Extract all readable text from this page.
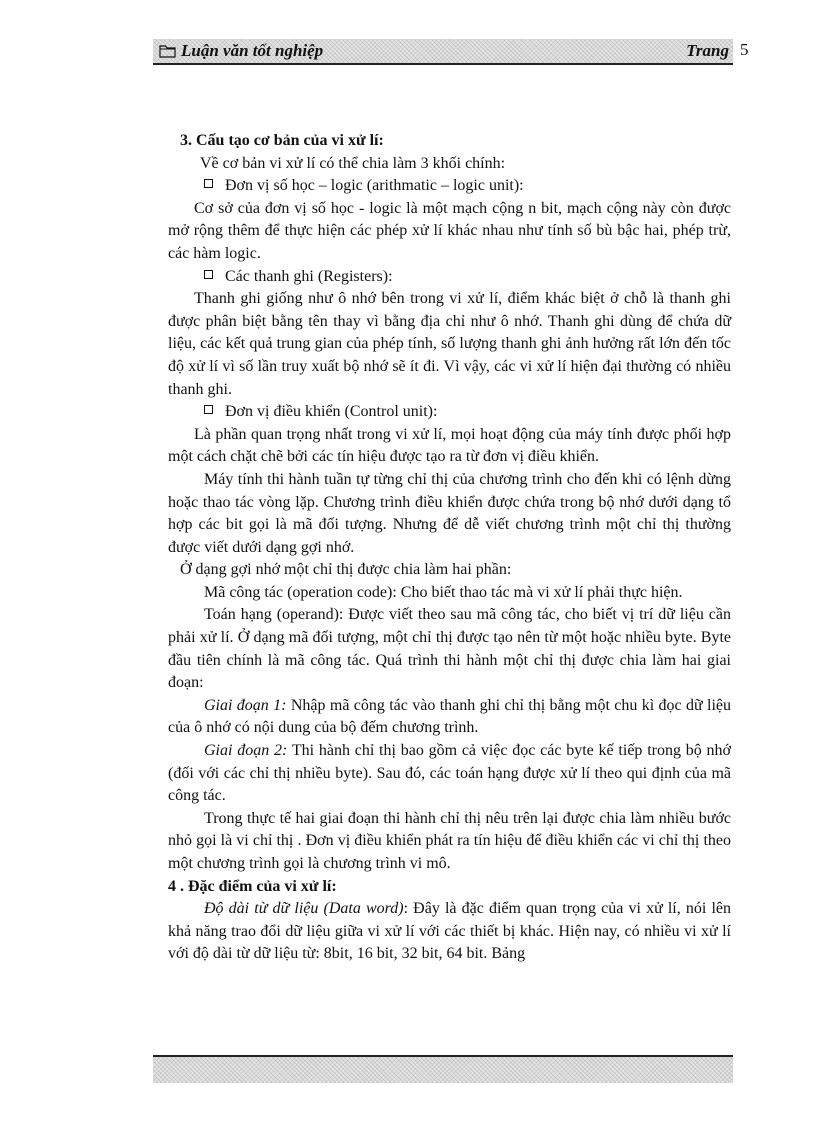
Luận văn tốt nghiệp	Trang 5

3. Cấu tạo cơ bản của vi xử lí:

Về cơ bản vi xử lí có thể chia làm 3 khối chính:

Đơn vị số học – logic (arithmatic – logic unit):

Cơ sở của đơn vị số học - logic là một mạch cộng n bit, mạch cộng này còn được mở rộng thêm để thực hiện các phép xử lí khác nhau như tính số bù bậc hai, phép trừ, các hàm logic.

Các thanh ghi (Registers):

Thanh ghi giống như ô nhớ bên trong vi xử lí, điểm khác biệt ở chỗ là thanh ghi được phân biệt bằng tên thay vì bằng địa chỉ như ô nhớ. Thanh ghi dùng để chứa dữ liệu, các kết quả trung gian của phép tính, số lượng thanh ghi ảnh hưởng rất lớn đến tốc độ xử lí vì số lần truy xuất bộ nhớ sẽ ít đi. Vì vậy, các vi xử lí hiện đại thường có nhiều thanh ghi.

Đơn vị điều khiển (Control unit):

Là phần quan trọng nhất trong vi xử lí, mọi hoạt động của máy tính được phối hợp một cách chặt chẽ bởi các tín hiệu được tạo ra từ đơn vị điều khiển.

Máy tính thi hành tuần tự từng chỉ thị của chương trình cho đến khi có lệnh dừng hoặc thao tác vòng lặp. Chương trình điều khiển được chứa trong bộ nhớ dưới dạng tổ hợp các bit gọi là mã đối tượng. Nhưng để dễ viết chương trình một chỉ thị thường được viết dưới dạng gợi nhớ.

Ở dạng gợi nhớ một chỉ thị được chia làm hai phần:

Mã công tác (operation code): Cho biết thao tác mà vi xử lí phải thực hiện.

Toán hạng (operand): Được viết theo sau mã công tác, cho biết vị trí dữ liệu cần phải xử lí. Ở dạng mã đối tượng, một chỉ thị được tạo nên từ một hoặc nhiều byte. Byte đầu tiên chính là mã công tác. Quá trình thi hành một chỉ thị được chia làm hai giai đoạn:

Giai đoạn 1: Nhập mã công tác vào thanh ghi chỉ thị bằng một chu kì đọc dữ liệu của ô nhớ có nội dung của bộ đếm chương trình.

Giai đoạn 2: Thi hành chỉ thị bao gồm cả việc đọc các byte kế tiếp trong bộ nhớ (đối với các chỉ thị nhiều byte). Sau đó, các toán hạng được xử lí theo qui định của mã công tác.

Trong thực tế hai giai đoạn thi hành chỉ thị nêu trên lại được chia làm nhiều bước nhỏ gọi là vi chỉ thị . Đơn vị điều khiển phát ra tín hiệu để điều khiển các vi chỉ thị theo một chương trình gọi là chương trình vi mô.

4 . Đặc điểm của vi xử lí:

Độ dài từ dữ liệu (Data word): Đây là đặc điểm quan trọng của vi xử lí, nói lên khả năng trao đổi dữ liệu giữa vi xử lí với các thiết bị khác. Hiện nay, có nhiều vi xử lí với độ dài từ dữ liệu từ: 8bit, 16 bit, 32 bit, 64 bit. Bảng
